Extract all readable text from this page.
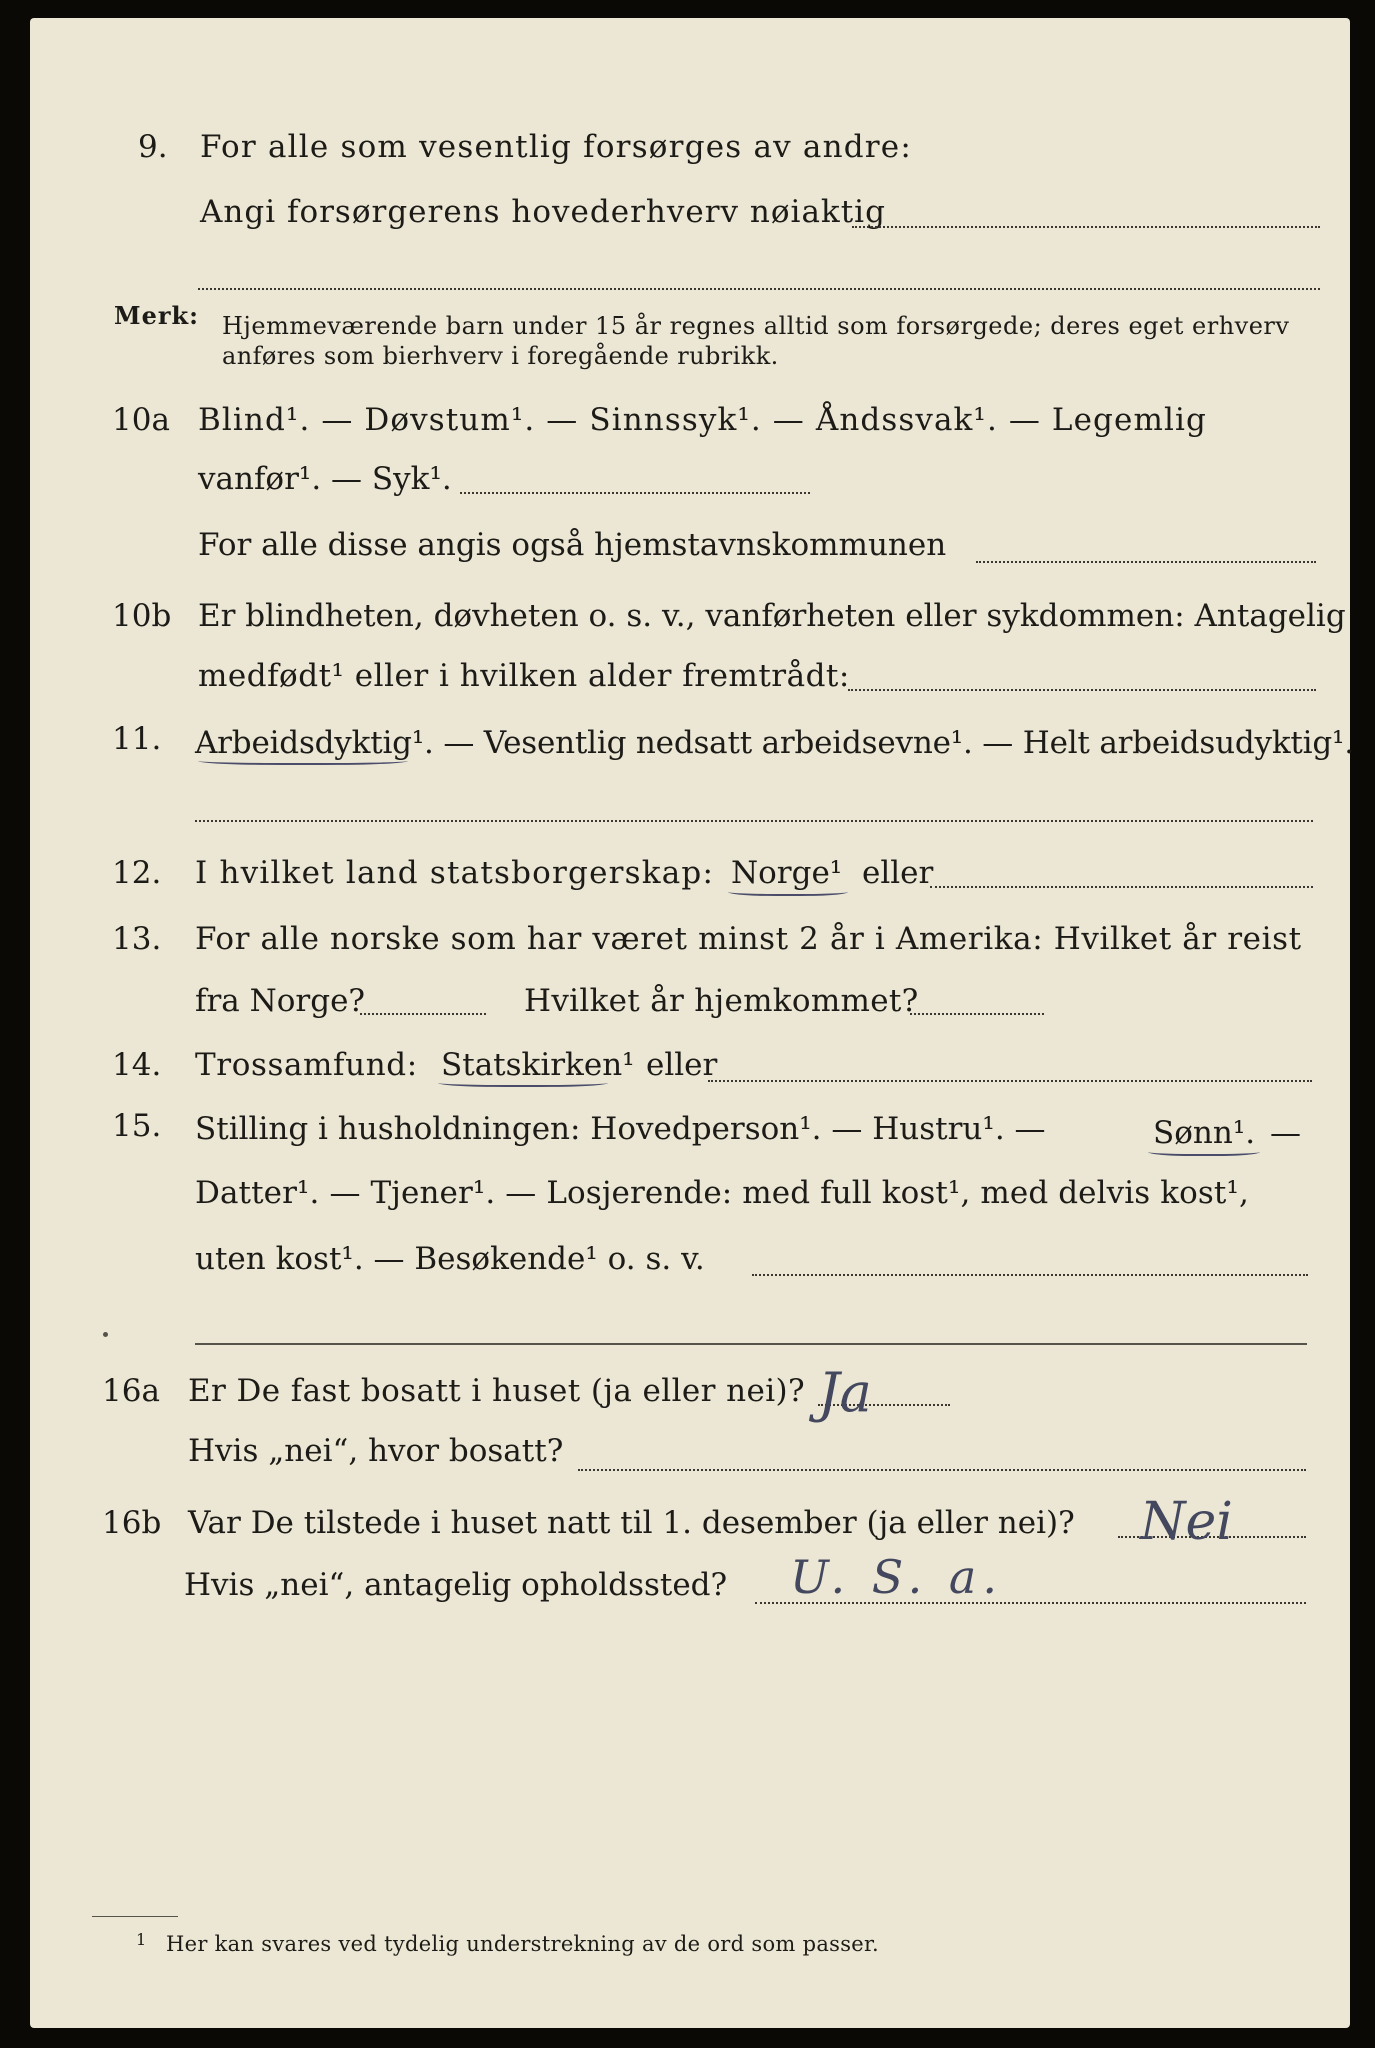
9. For alle som vesentlig forsørges av andre:
Angi forsørgerens hovederhverv nøiaktig
Merk: Hjemmeværende barn under 15 år regnes alltid som forsørgede; deres eget erhverv
anføres som bierhverv i foregående rubrikk.
10a Blind¹. — Døvstum¹. — Sinnssyk¹. — Åndssvak¹. — Legemlig
vanfør¹. — Syk¹.
For alle disse angis også hjemstavnskommunen
10b Er blindheten, døvheten o. s. v., vanførheten eller sykdommen: Antagelig
medfødt¹ eller i hvilken alder fremtrådt:
11. Arbeidsdyktig¹. — Vesentlig nedsatt arbeidsevne¹. — Helt arbeidsudyktig¹.
12. I hvilket land statsborgerskap: Norge¹ eller
13. For alle norske som har været minst 2 år i Amerika: Hvilket år reist
fra Norge?	Hvilket år hjemkommet?
14. Trossamfund: Statskirken¹ eller
15. Stilling i husholdningen: Hovedperson¹. — Hustru¹. —	Sønn¹. —
Datter¹. — Tjener¹. — Losjerende: med full kost¹, med delvis kost¹,
uten kost¹. — Besøkende¹ o. s. v.
16a Er De fast bosatt i huset (ja eller nei)? Ja
Hvis „nei“, hvor bosatt?
16b Var De tilstede i huset natt til 1. desember (ja eller nei)? Nei
Hvis „nei“, antagelig opholdssted? U. S. a.
1 Her kan svares ved tydelig understrekning av de ord som passer.
